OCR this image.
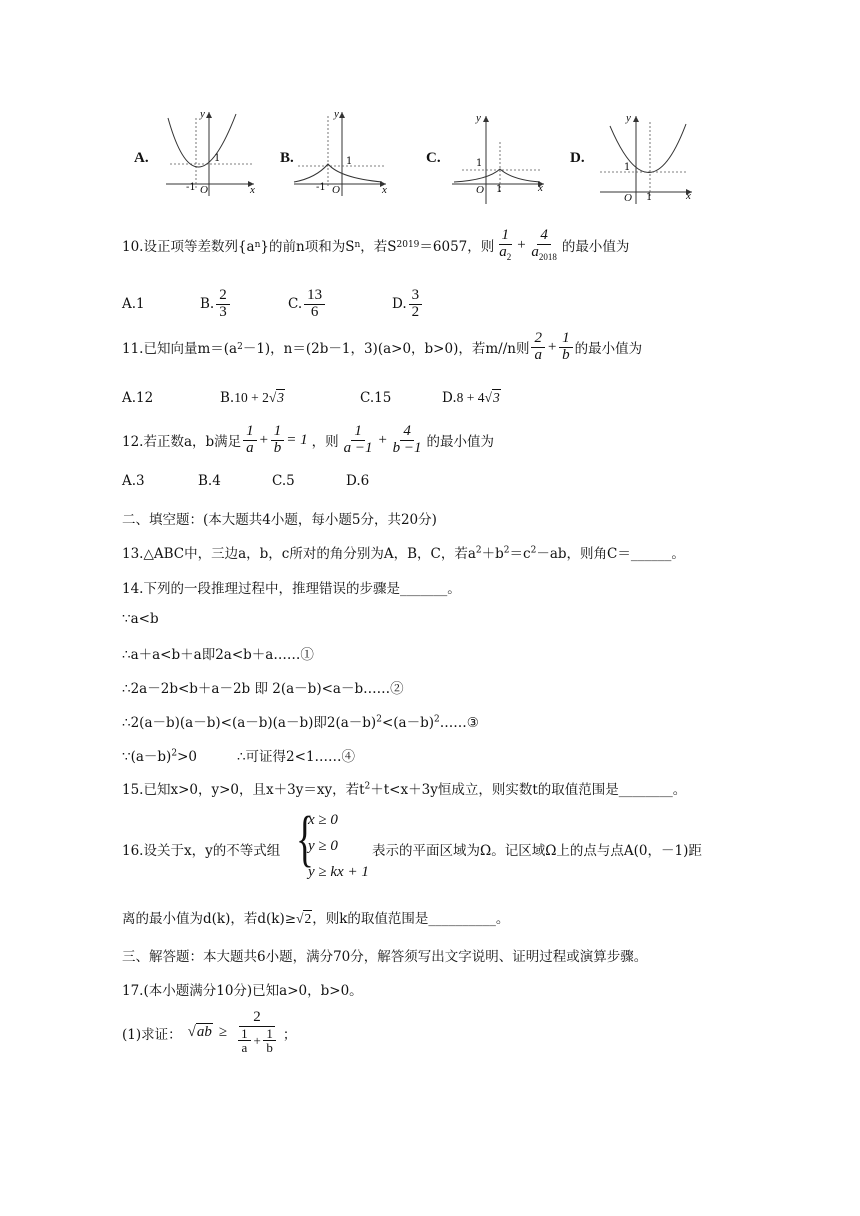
A.
y
x
O
-1
1	B.
y
x
O
-1
1	C.
y
x
O 1
1	D.
y
x
O 1
1
10.设正项等差数列{a n }的前n项和为S n ，若S 2019 ＝6057，则 $\frac{1}{a_2} + \frac{4}{a_{2018}}$ 的最小值为
A.1	B. $\frac{2}{3}$	C. $\frac{13}{6}$	D. $\frac{3}{2}$
11.已知向量m＝(a 2 －1)，n＝(2b－1，3)(a>0，b>0)，若m//n则 $\frac{2}{a} + \frac{1}{b}$ 的最小值为
A.12	B.10 + 2√3	C.15	D.8 + 4√3
12.若正数a，b满足 $\frac{1}{a} + \frac{1}{b} = 1$ ，则 $\frac{1}{a -1} + \frac{4}{b -1}$ 的最小值为
A.3	B.4	C.5	D.6
二、填空题：(本大题共4小题，每小题5分，共20分)
13.△ABC中，三边a，b，c所对的角分别为A，B，C，若$a^2+b^2=c^2-ab$，则角C＝______。
14.下列的一段推理过程中，推理错误的步骤是_______。
∵a<b
∴a＋a<b＋a即2a<b＋a……①
∴2a－2b<b＋a－2b 即 2(a－b)<a－b……②
∴2(a－b)(a－b)<(a－b)(a－b)即$2(a-b)^2<(a-b)^2\dots\dots ③$
$\because(a-b)^2>0$	∴可证得2<1……④
15.已知x>0，y>0，且x＋3y＝xy，若$t^2+t<x+3y$恒成立，则实数t的取值范围是________。
16.设关于x，y的不等式组 {
x ≥ 0
y ≥ 0
y ≥ kx + 1
表示的平面区域为Ω。记区域Ω上的点与点A(0，－1)距
离的最小值为d(k)，若d(k)≥√2，则k的取值范围是__________。
三、解答题：本大题共6小题，满分70分，解答须写出文字说明、证明过程或演算步骤。
17.(本小题满分10分)已知a>0，b>0。
(1)求证： $√ab \ge \frac{2}{\frac{1}{a} + \frac{1}{b}}$ ；
